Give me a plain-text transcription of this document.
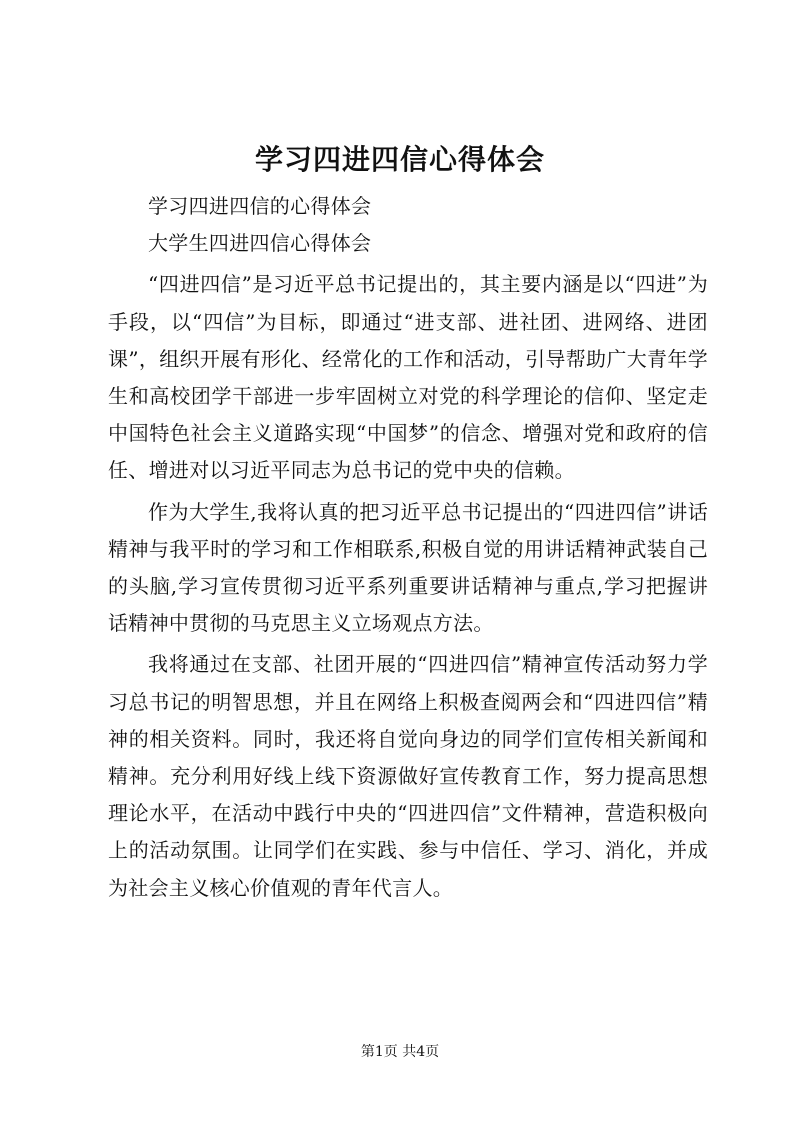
学习四进四信心得体会

学习四进四信的心得体会

大学生四进四信心得体会

“四进四信”是习近平总书记提出的，其主要内涵是以“四进”为手段，以“四信”为目标，即通过“进支部、进社团、进网络、进团课”，组织开展有形化、经常化的工作和活动，引导帮助广大青年学生和高校团学干部进一步牢固树立对党的科学理论的信仰、坚定走中国特色社会主义道路实现“中国梦”的信念、增强对党和政府的信任、增进对以习近平同志为总书记的党中央的信赖。

作为大学生,我将认真的把习近平总书记提出的“四进四信”讲话精神与我平时的学习和工作相联系,积极自觉的用讲话精神武装自己的头脑,学习宣传贯彻习近平系列重要讲话精神与重点,学习把握讲话精神中贯彻的马克思主义立场观点方法。

我将通过在支部、社团开展的“四进四信”精神宣传活动努力学习总书记的明智思想，并且在网络上积极查阅两会和“四进四信”精神的相关资料。同时，我还将自觉向身边的同学们宣传相关新闻和精神。充分利用好线上线下资源做好宣传教育工作，努力提高思想理论水平，在活动中践行中央的“四进四信”文件精神，营造积极向上的活动氛围。让同学们在实践、参与中信任、学习、消化，并成为社会主义核心价值观的青年代言人。

第1页 共4页
